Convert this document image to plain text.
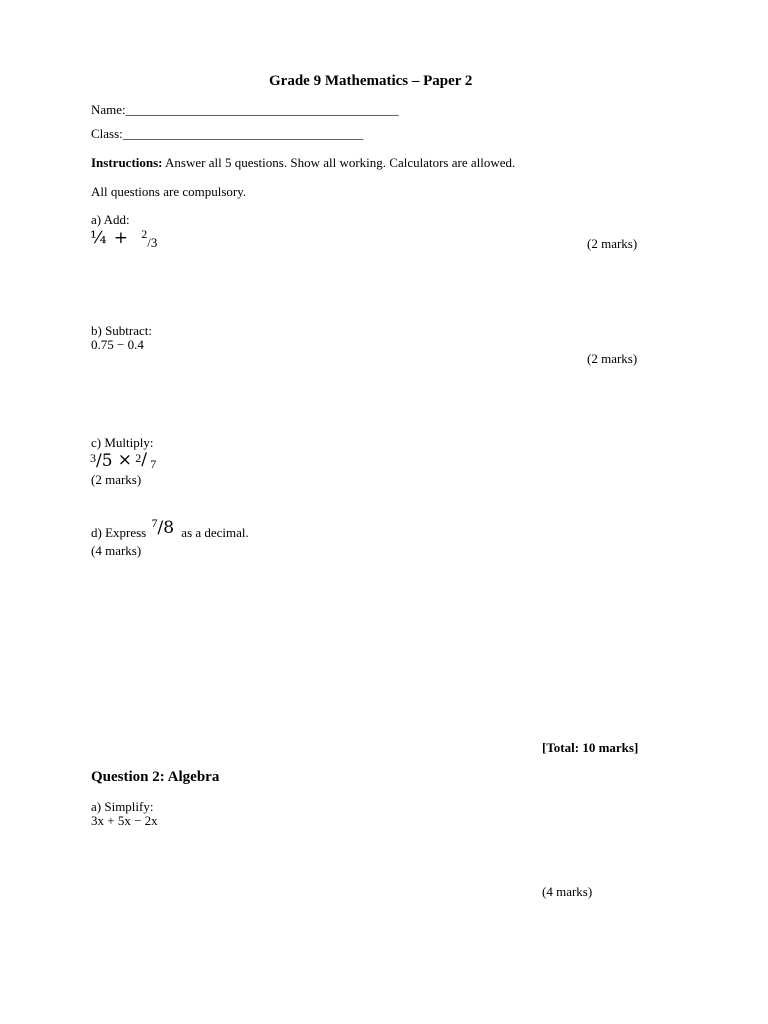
Grade 9 Mathematics – Paper 2
Name:__________________________________________
Class:_____________________________________
Instructions: Answer all 5 questions. Show all working. Calculators are allowed.
All questions are compulsory.
a) Add:
¼ + 2/3	(2 marks)
b) Subtract:
0.75 − 0.4
(2 marks)
c) Multiply:
3/5 × 2/ 7
(2 marks)
d) Express 7/8 as a decimal.
(4 marks)
[Total: 10 marks]
Question 2: Algebra
a) Simplify:
3x + 5x − 2x
(4 marks)
